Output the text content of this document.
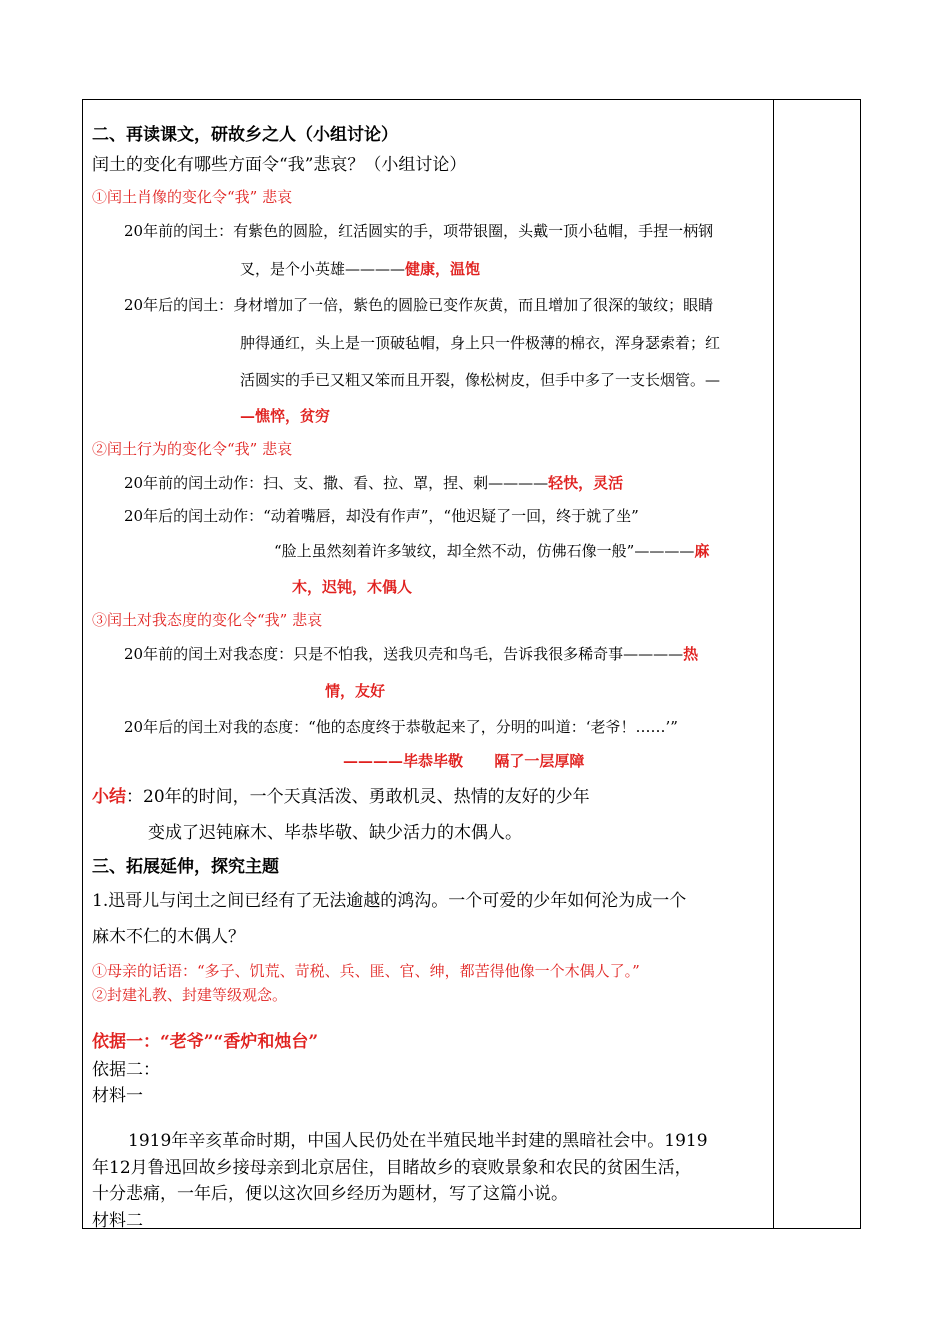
二、再读课文，研故乡之人（小组讨论）
闰土的变化有哪些方面令“我”悲哀？（小组讨论）
①闰土肖像的变化令“我” 悲哀
20年前的闰土：有紫色的圆脸，红活圆实的手，项带银圈，头戴一顶小毡帽，手捏一柄钢
叉，是个小英雄————健康，温饱
20年后的闰土：身材增加了一倍，紫色的圆脸已变作灰黄，而且增加了很深的皱纹；眼睛
肿得通红，头上是一顶破毡帽，身上只一件极薄的棉衣，浑身瑟索着；红
活圆实的手已又粗又笨而且开裂，像松树皮，但手中多了一支长烟管。—
—憔悴，贫穷
②闰土行为的变化令“我” 悲哀
20年前的闰土动作：扫、支、撒、看、拉、罩，捏、刺————轻快，灵活
20年后的闰土动作：“动着嘴唇，却没有作声”，“他迟疑了一回，终于就了坐”
“脸上虽然刻着许多皱纹，却全然不动，仿佛石像一般”————麻
木，迟钝，木偶人
③闰土对我态度的变化令“我” 悲哀
20年前的闰土对我态度：只是不怕我，送我贝壳和鸟毛，告诉我很多稀奇事————热
情，友好
20年后的闰土对我的态度：“他的态度终于恭敬起来了，分明的叫道：‘老爷！……’”
————毕恭毕敬      隔了一层厚障
小结：20年的时间，一个天真活泼、勇敢机灵、热情的友好的少年
变成了迟钝麻木、毕恭毕敬、缺少活力的木偶人。
三、拓展延伸，探究主题
1.迅哥儿与闰土之间已经有了无法逾越的鸿沟。一个可爱的少年如何沦为成一个
麻木不仁的木偶人？
①母亲的话语：“多子、饥荒、苛税、兵、匪、官、绅，都苦得他像一个木偶人了。”
②封建礼教、封建等级观念。
依据一：“老爷”“香炉和烛台”
依据二：
材料一
1919年辛亥革命时期，中国人民仍处在半殖民地半封建的黑暗社会中。1919
年12月鲁迅回故乡接母亲到北京居住，目睹故乡的衰败景象和农民的贫困生活，
十分悲痛，一年后，便以这次回乡经历为题材，写了这篇小说。
材料二
